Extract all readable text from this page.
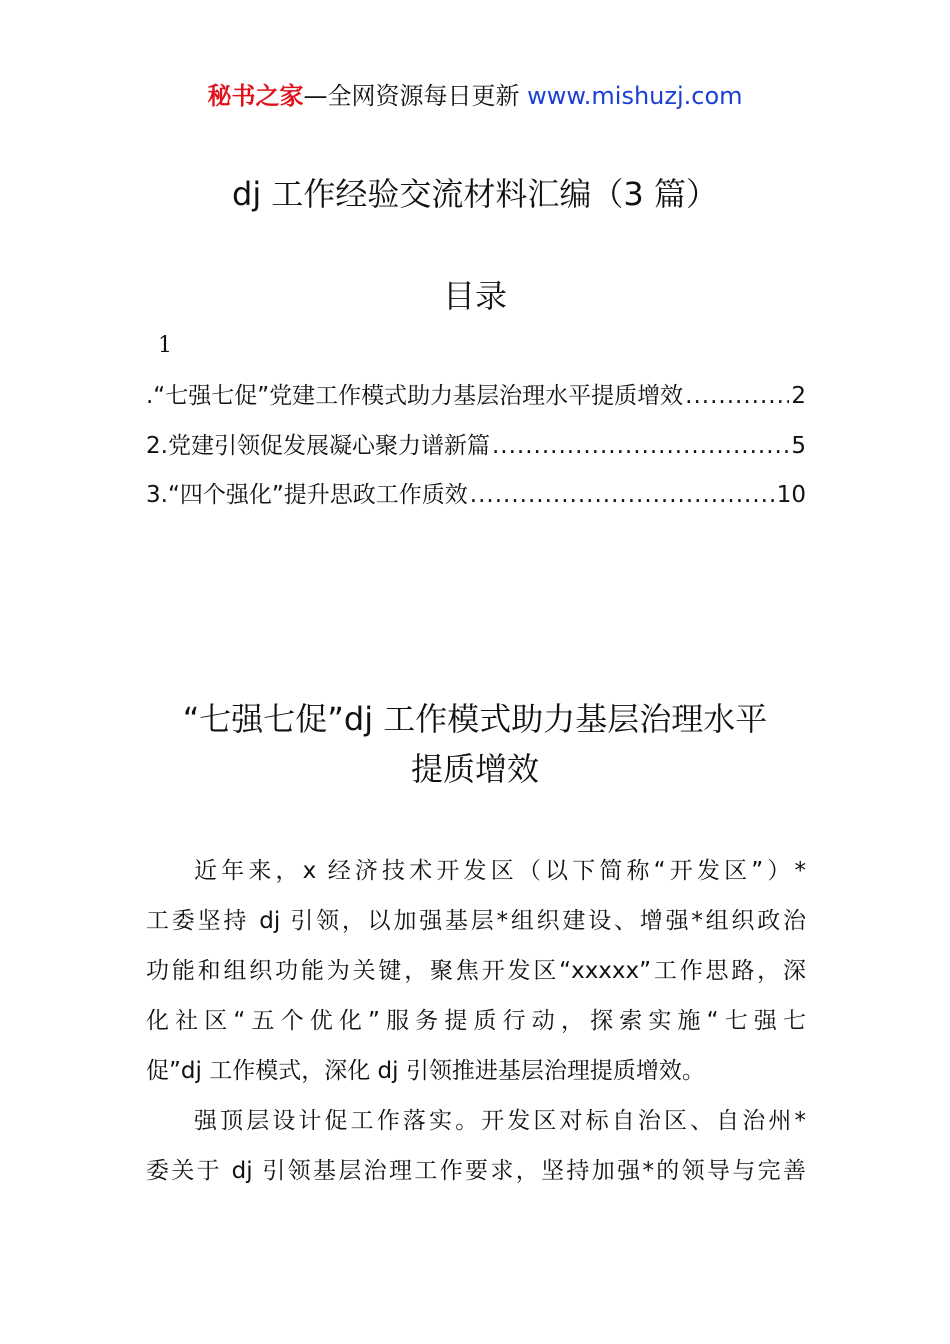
秘书之家—全网资源每日更新 www.mishuzj.com
dj 工作经验交流材料汇编（3 篇）
目录
1
.“七强七促”党建工作模式助力基层治理水平提质增效 .....	2
2.党建引领促发展凝心聚力谱新篇 .....	5
3.“四个强化”提升思政工作质效 .....	10
“七强七促”dj 工作模式助力基层治理水平
提质增效
近年来，x 经济技术开发区（以下简称“开发区”）*
工委坚持 dj 引领，以加强基层*组织建设、增强*组织政治
功能和组织功能为关键，聚焦开发区“xxxxx”工作思路，深
化社区“五个优化”服务提质行动，探索实施“七强七
促”dj 工作模式，深化 dj 引领推进基层治理提质增效。
强顶层设计促工作落实。开发区对标自治区、自治州*
委关于 dj 引领基层治理工作要求，坚持加强*的领导与完善
